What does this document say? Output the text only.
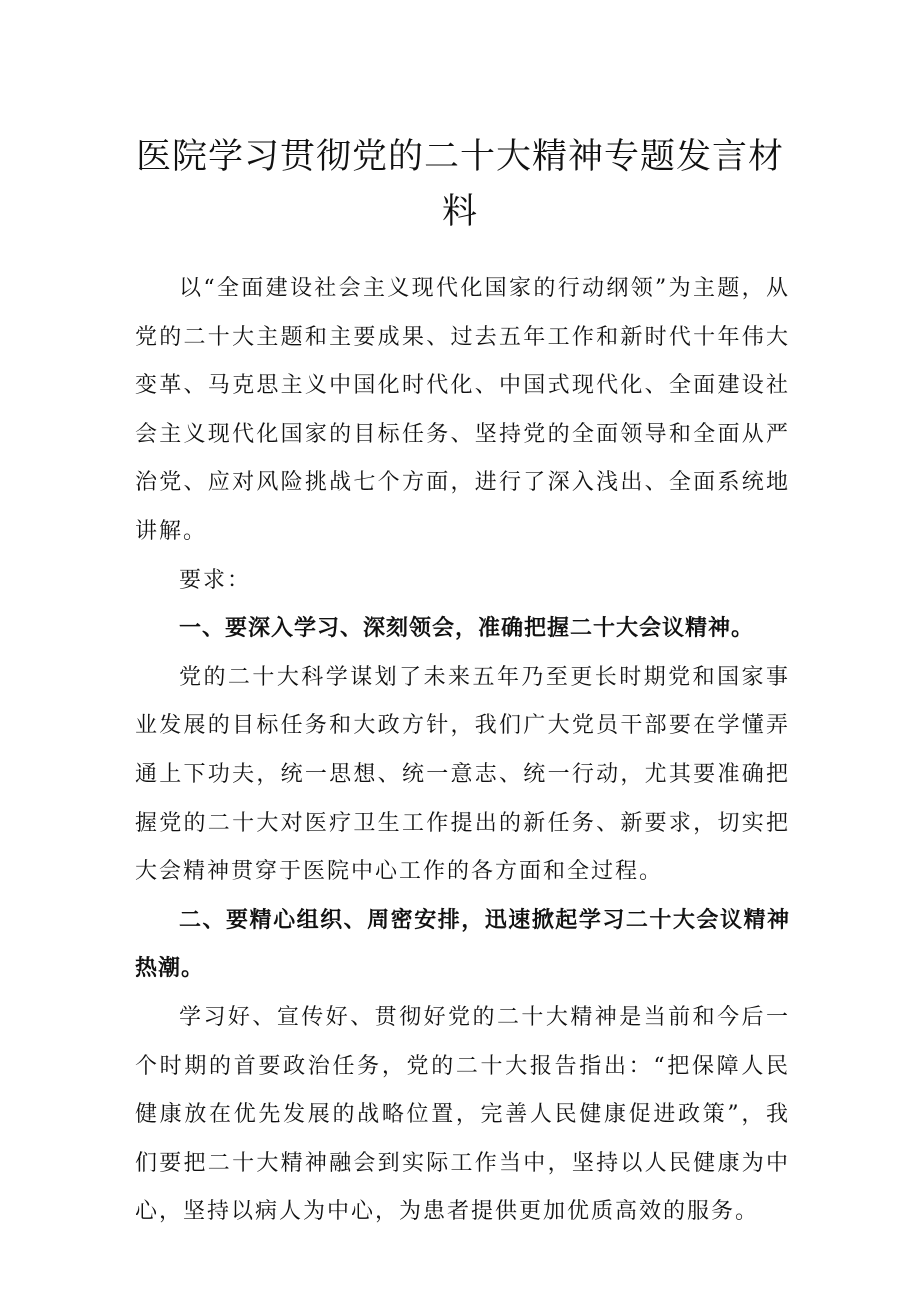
医院学习贯彻党的二十大精神专题发言材料

以“全面建设社会主义现代化国家的行动纲领”为主题，从党的二十大主题和主要成果、过去五年工作和新时代十年伟大变革、马克思主义中国化时代化、中国式现代化、全面建设社会主义现代化国家的目标任务、坚持党的全面领导和全面从严治党、应对风险挑战七个方面，进行了深入浅出、全面系统地讲解。

要求：

一、要深入学习、深刻领会，准确把握二十大会议精神。

党的二十大科学谋划了未来五年乃至更长时期党和国家事业发展的目标任务和大政方针，我们广大党员干部要在学懂弄通上下功夫，统一思想、统一意志、统一行动，尤其要准确把握党的二十大对医疗卫生工作提出的新任务、新要求，切实把大会精神贯穿于医院中心工作的各方面和全过程。

二、要精心组织、周密安排，迅速掀起学习二十大会议精神热潮。

学习好、宣传好、贯彻好党的二十大精神是当前和今后一个时期的首要政治任务，党的二十大报告指出：“把保障人民健康放在优先发展的战略位置，完善人民健康促进政策”，我们要把二十大精神融会到实际工作当中，坚持以人民健康为中心，坚持以病人为中心，为患者提供更加优质高效的服务。
